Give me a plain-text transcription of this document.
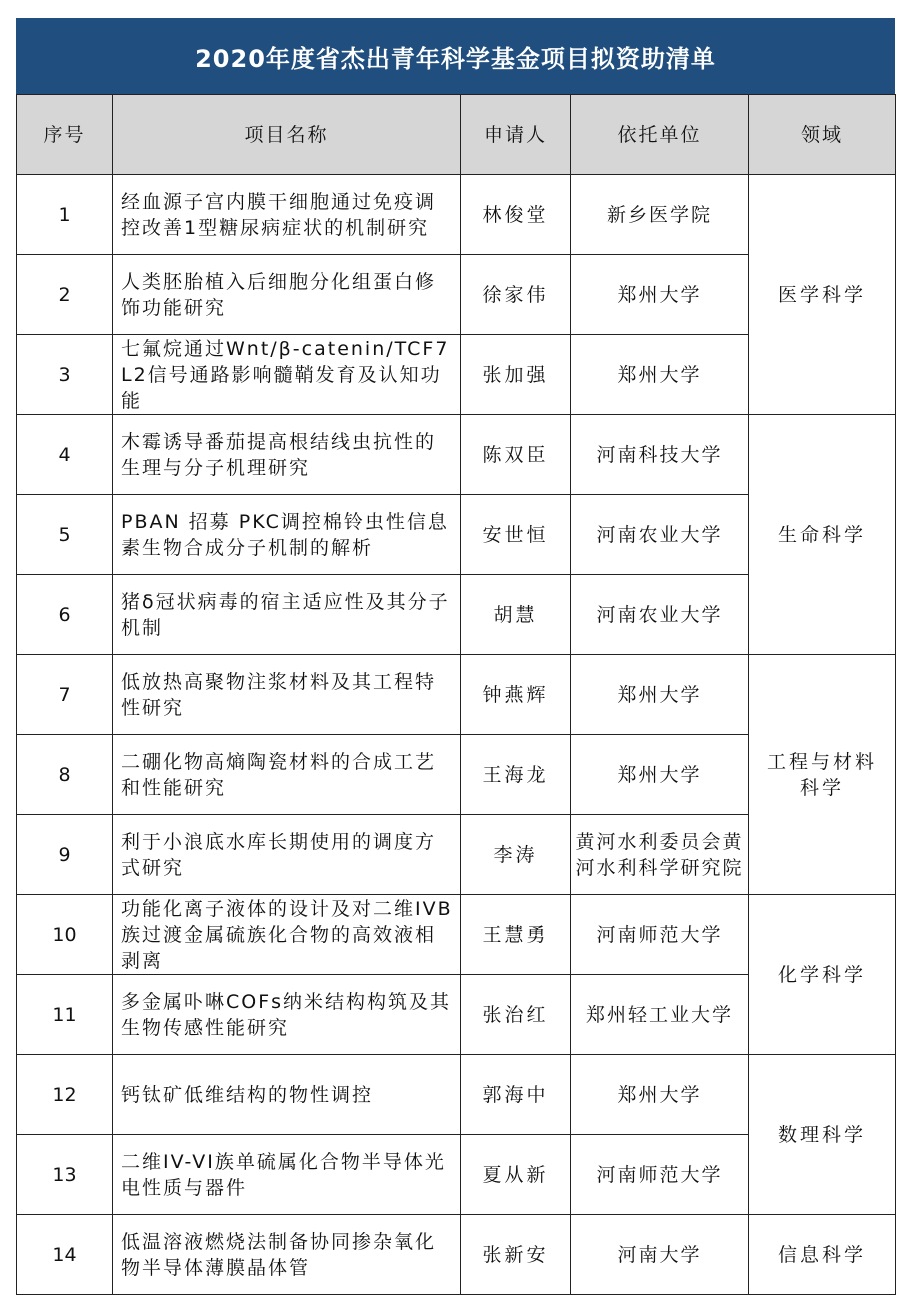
2020年度省杰出青年科学基金项目拟资助清单
序号	项目名称	申请人	依托单位	领域
1	经血源子宫内膜干细胞通过免疫调控改善1型糖尿病症状的机制研究	林俊堂	新乡医学院	医学科学

2	人类胚胎植入后细胞分化组蛋白修饰功能研究	徐家伟	郑州大学	

3	七氟烷通过Wnt/β-catenin/TCF7L2信号通路影响髓鞘发育及认知功能	张加强	郑州大学	

4	木霉诱导番茄提高根结线虫抗性的生理与分子机理研究	陈双臣	河南科技大学	生命科学

5	PBAN 招募 PKC调控棉铃虫性信息素生物合成分子机制的解析	安世恒	河南农业大学	

6	猪δ冠状病毒的宿主适应性及其分子机制	胡慧	河南农业大学	

7	低放热高聚物注浆材料及其工程特性研究	钟燕辉	郑州大学	工程与材料科学

8	二硼化物高熵陶瓷材料的合成工艺和性能研究	王海龙	郑州大学	

9	利于小浪底水库长期使用的调度方式研究	李涛	黄河水利委员会黄河水利科学研究院	

10	功能化离子液体的设计及对二维IVB族过渡金属硫族化合物的高效液相剥离	王慧勇	河南师范大学	化学科学

11	多金属卟啉COFs纳米结构构筑及其生物传感性能研究	张治红	郑州轻工业大学	

12	钙钛矿低维结构的物性调控	郭海中	郑州大学	数理科学

13	二维IV-VI族单硫属化合物半导体光电性质与器件	夏从新	河南师范大学	

14	低温溶液燃烧法制备协同掺杂氧化物半导体薄膜晶体管	张新安	河南大学	信息科学
